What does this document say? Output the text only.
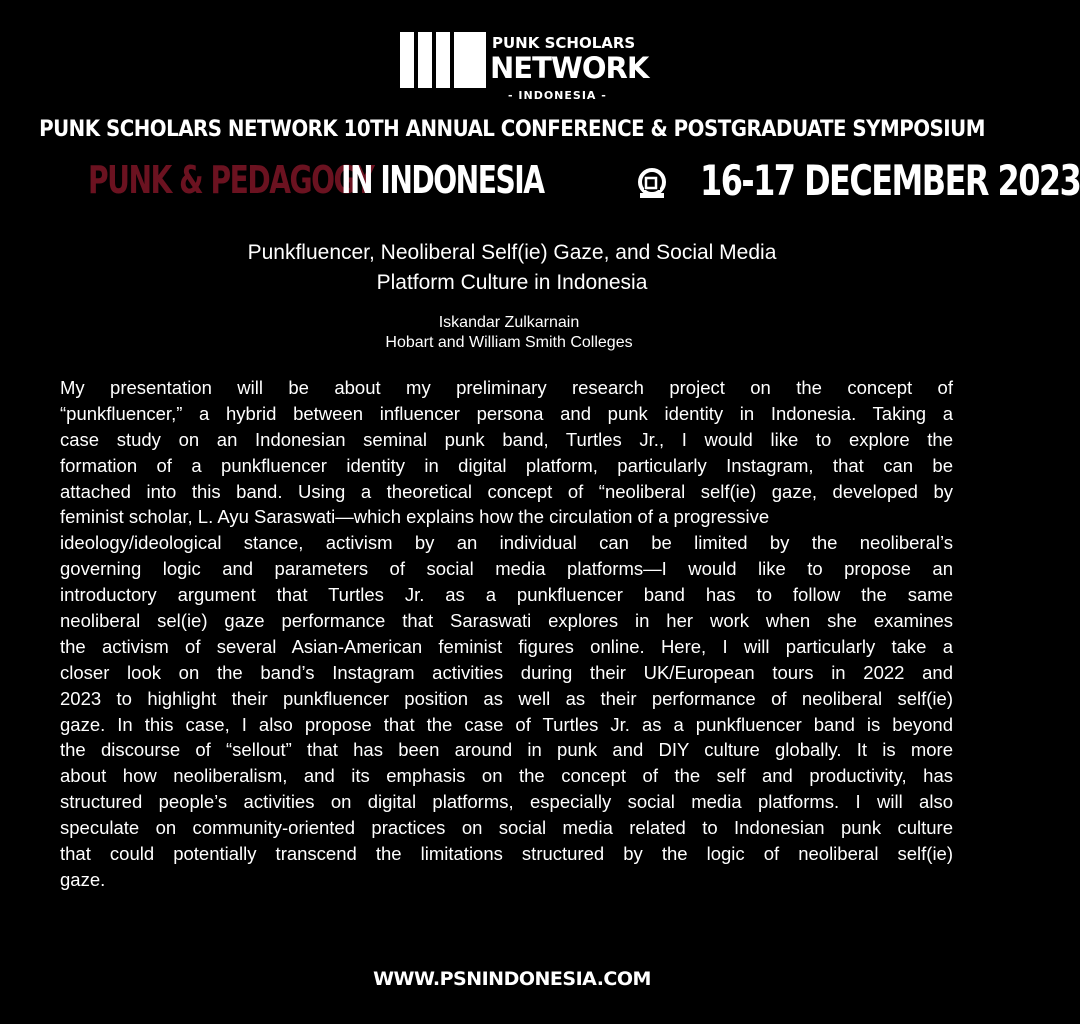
PUNK SCHOLARS
NETWORK
- INDONESIA -
PUNK SCHOLARS NETWORK 10TH ANNUAL CONFERENCE & POSTGRADUATE SYMPOSIUM
PUNK & PEDAGOGY
IN INDONESIA	16-17 DECEMBER 2023
Punkfluencer, Neoliberal Self(ie) Gaze, and Social Media
Platform Culture in Indonesia
Iskandar Zulkarnain
Hobart and William Smith Colleges
My presentation will be about my preliminary research project on the concept of
“punkfluencer,” a hybrid between influencer persona and punk identity in Indonesia. Taking a
case study on an Indonesian seminal punk band, Turtles Jr., I would like to explore the
formation of a punkfluencer identity in digital platform, particularly Instagram, that can be
attached into this band. Using a theoretical concept of “neoliberal self(ie) gaze, developed by
feminist scholar, L. Ayu Saraswati—which explains how the circulation of a progressive
ideology/ideological stance, activism by an individual can be limited by the neoliberal’s
governing logic and parameters of social media platforms—I would like to propose an
introductory argument that Turtles Jr. as a punkfluencer band has to follow the same
neoliberal sel(ie) gaze performance that Saraswati explores in her work when she examines
the activism of several Asian-American feminist figures online. Here, I will particularly take a
closer look on the band’s Instagram activities during their UK/European tours in 2022 and
2023 to highlight their punkfluencer position as well as their performance of neoliberal self(ie)
gaze. In this case, I also propose that the case of Turtles Jr. as a punkfluencer band is beyond
the discourse of “sellout” that has been around in punk and DIY culture globally. It is more
about how neoliberalism, and its emphasis on the concept of the self and productivity, has
structured people’s activities on digital platforms, especially social media platforms. I will also
speculate on community-oriented practices on social media related to Indonesian punk culture
that could potentially transcend the limitations structured by the logic of neoliberal self(ie)
gaze.
WWW.PSNINDONESIA.COM
